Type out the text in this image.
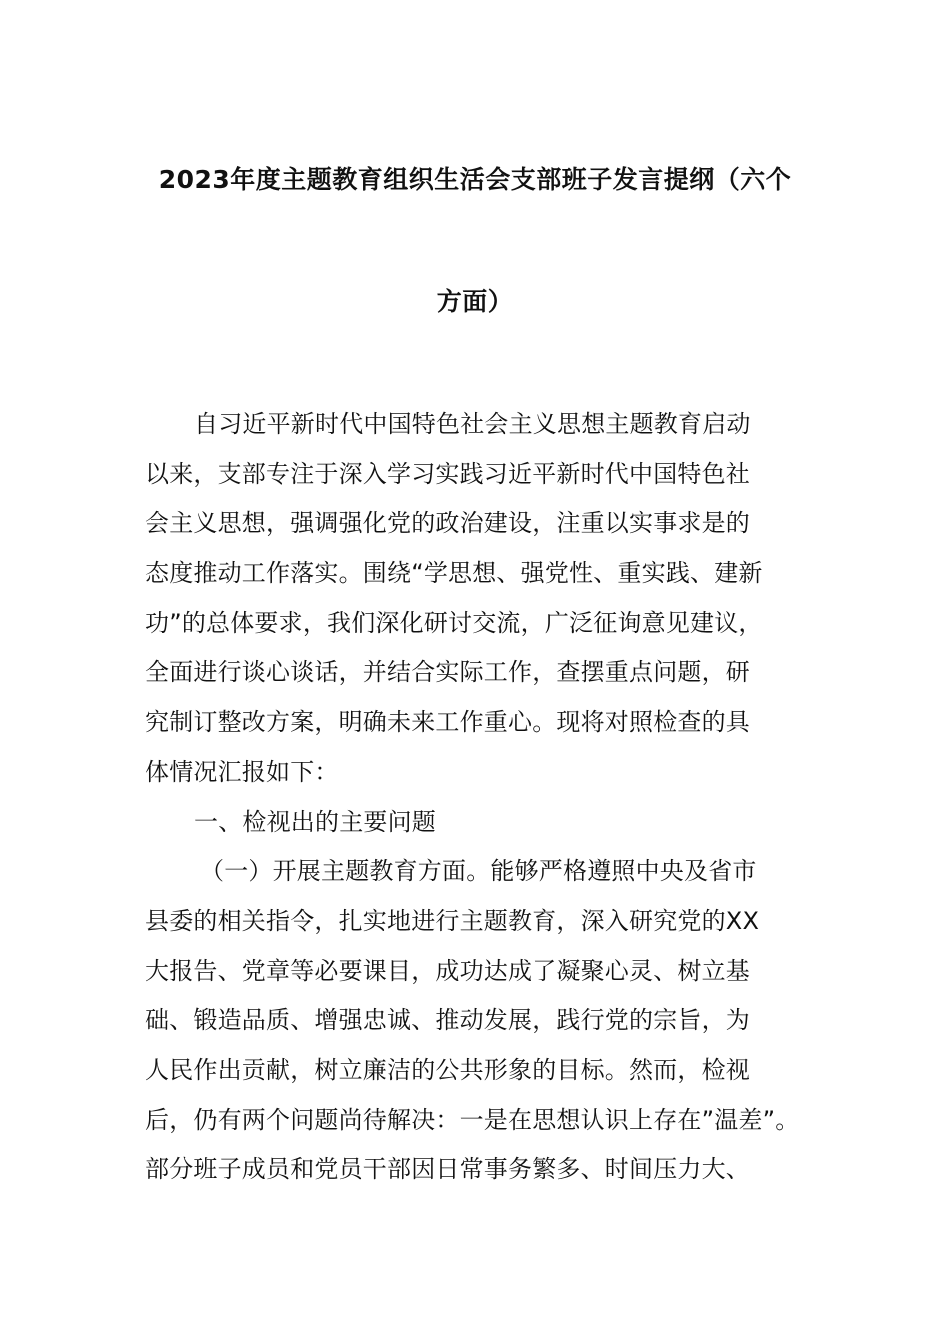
2023年度主题教育组织生活会支部班子发言提纲（六个
方面）
自习近平新时代中国特色社会主义思想主题教育启动
以来，支部专注于深入学习实践习近平新时代中国特色社
会主义思想，强调强化党的政治建设，注重以实事求是的
态度推动工作落实。围绕“学思想、强党性、重实践、建新
功”的总体要求，我们深化研讨交流，广泛征询意见建议，
全面进行谈心谈话，并结合实际工作，查摆重点问题，研
究制订整改方案，明确未来工作重心。现将对照检查的具
体情况汇报如下：
一、检视出的主要问题
（一）开展主题教育方面。能够严格遵照中央及省市
县委的相关指令，扎实地进行主题教育，深入研究党的XX
大报告、党章等必要课目，成功达成了凝聚心灵、树立基
础、锻造品质、增强忠诚、推动发展，践行党的宗旨，为
人民作出贡献，树立廉洁的公共形象的目标。然而，检视
后，仍有两个问题尚待解决：一是在思想认识上存在”温差”。
部分班子成员和党员干部因日常事务繁多、时间压力大、
